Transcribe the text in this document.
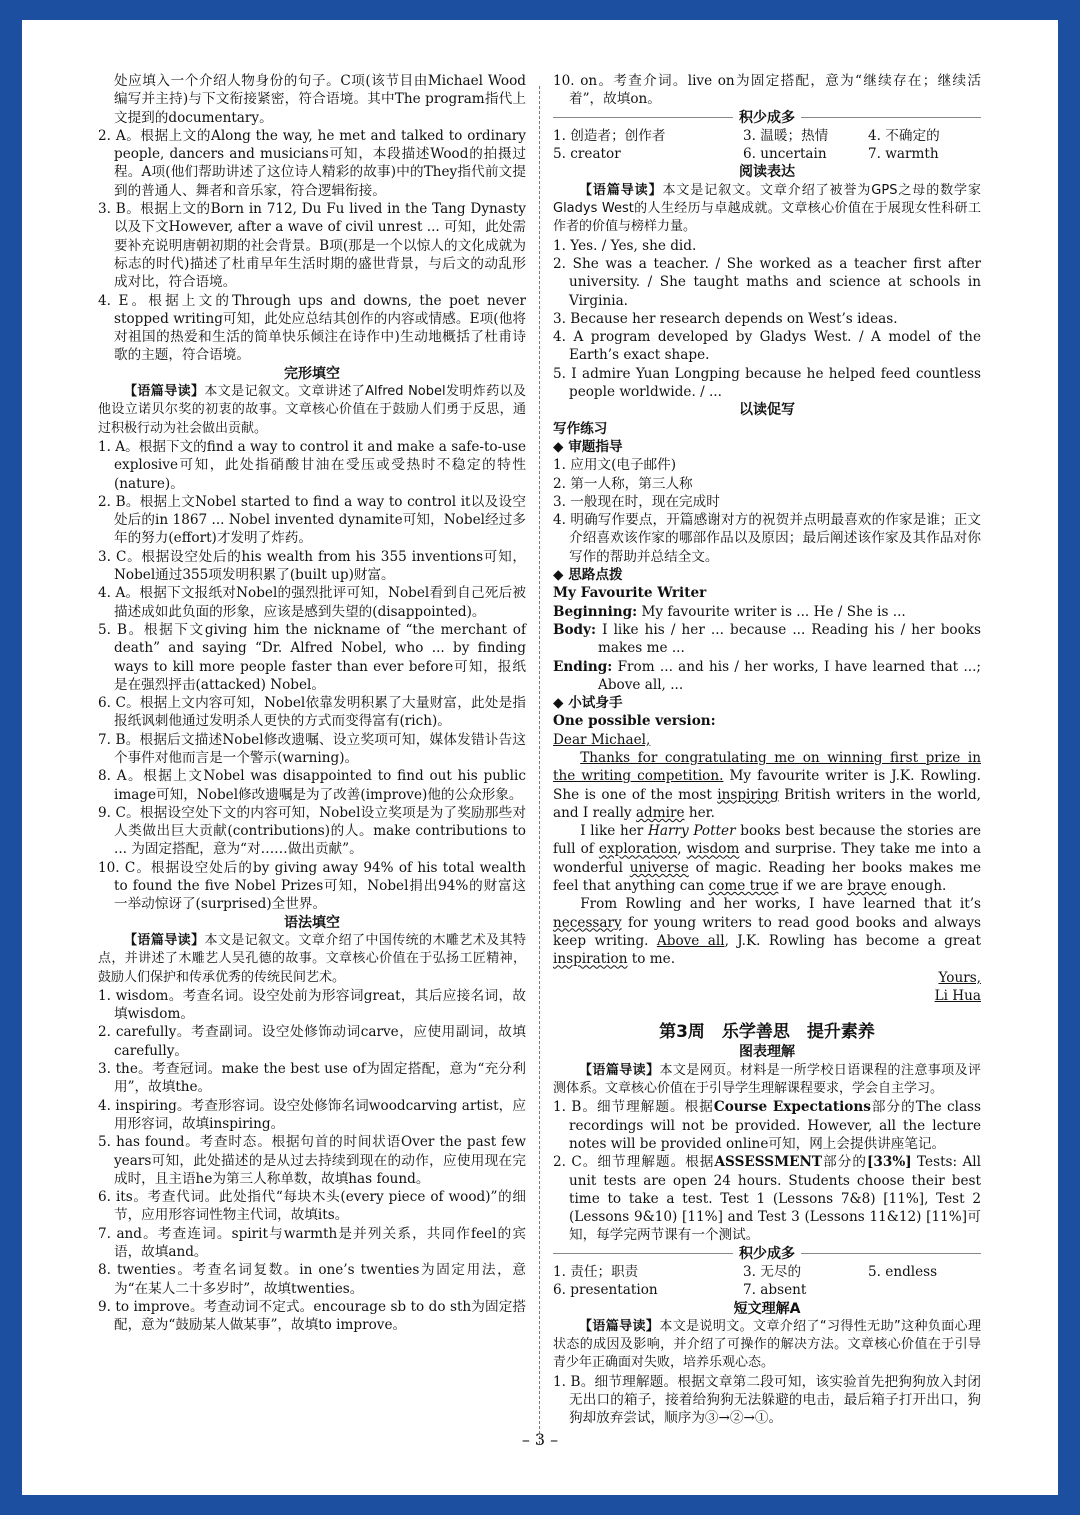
处应填入一个介绍人物身份的句子。C项(该节目由Michael Wood编写并主持)与下文衔接紧密，符合语境。其中The program指代上文提到的documentary。

2. A。根据上文的Along the way, he met and talked to ordinary people, dancers and musicians可知，本段描述Wood的拍摄过程。A项(他们帮助讲述了这位诗人精彩的故事)中的They指代前文提到的普通人、舞者和音乐家，符合逻辑衔接。

3. B。根据上文的Born in 712, Du Fu lived in the Tang Dynasty以及下文However, after a wave of civil unrest ... 可知，此处需要补充说明唐朝初期的社会背景。B项(那是一个以惊人的文化成就为标志的时代)描述了杜甫早年生活时期的盛世背景，与后文的动乱形成对比，符合语境。

4. E。根据上文的Through ups and downs, the poet never stopped writing可知，此处应总结其创作的内容或情感。E项(他将对祖国的热爱和生活的简单快乐倾注在诗作中)生动地概括了杜甫诗歌的主题，符合语境。

完形填空

【语篇导读】本文是记叙文。文章讲述了Alfred Nobel发明炸药以及他设立诺贝尔奖的初衷的故事。文章核心价值在于鼓励人们勇于反思，通过积极行动为社会做出贡献。

1. A。根据下文的find a way to control it and make a safe-to-use explosive可知，此处指硝酸甘油在受压或受热时不稳定的特性(nature)。

2. B。根据上文Nobel started to find a way to control it以及设空处后的in 1867 ... Nobel invented dynamite可知，Nobel经过多年的努力(effort)才发明了炸药。

3. C。根据设空处后的his wealth from his 355 inventions可知，Nobel通过355项发明积累了(built up)财富。

4. A。根据下文报纸对Nobel的强烈批评可知，Nobel看到自己死后被描述成如此负面的形象，应该是感到失望的(disappointed)。

5. B。根据下文giving him the nickname of “the merchant of death” and saying “Dr. Alfred Nobel, who ... by finding ways to kill more people faster than ever before可知，报纸是在强烈抨击(attacked) Nobel。

6. C。根据上文内容可知，Nobel依靠发明积累了大量财富，此处是指报纸讽刺他通过发明杀人更快的方式而变得富有(rich)。

7. B。根据后文描述Nobel修改遗嘱、设立奖项可知，媒体发错讣告这个事件对他而言是一个警示(warning)。

8. A。根据上文Nobel was disappointed to find out his public image可知，Nobel修改遗嘱是为了改善(improve)他的公众形象。

9. C。根据设空处下文的内容可知，Nobel设立奖项是为了奖励那些对人类做出巨大贡献(contributions)的人。make contributions to ... 为固定搭配，意为“对……做出贡献”。

10. C。根据设空处后的by giving away 94% of his total wealth to found the five Nobel Prizes可知，Nobel捐出94%的财富这一举动惊讶了(surprised)全世界。

语法填空

【语篇导读】本文是记叙文。文章介绍了中国传统的木雕艺术及其特点，并讲述了木雕艺人吴孔德的故事。文章核心价值在于弘扬工匠精神，鼓励人们保护和传承优秀的传统民间艺术。

1. wisdom。考查名词。设空处前为形容词great，其后应接名词，故填wisdom。

2. carefully。考查副词。设空处修饰动词carve，应使用副词，故填carefully。

3. the。考查冠词。make the best use of为固定搭配，意为“充分利用”，故填the。

4. inspiring。考查形容词。设空处修饰名词woodcarving artist，应用形容词，故填inspiring。

5. has found。考查时态。根据句首的时间状语Over the past few years可知，此处描述的是从过去持续到现在的动作，应使用现在完成时，且主语he为第三人称单数，故填has found。

6. its。考查代词。此处指代“每块木头(every piece of wood)”的细节，应用形容词性物主代词，故填its。

7. and。考查连词。spirit与warmth是并列关系，共同作feel的宾语，故填and。

8. twenties。考查名词复数。in one’s twenties为固定用法，意为“在某人二十多岁时”，故填twenties。

9. to improve。考查动词不定式。encourage sb to do sth为固定搭配，意为“鼓励某人做某事”，故填to improve。

10. on。考查介词。live on为固定搭配，意为“继续存在；继续活着”，故填on。

积少成多

1. 创造者；创作者	3. 温暖；热情	4. 不确定的
5. creator	6. uncertain	7. warmth

阅读表达

【语篇导读】本文是记叙文。文章介绍了被誉为GPS之母的数学家Gladys West的人生经历与卓越成就。文章核心价值在于展现女性科研工作者的价值与榜样力量。

1. Yes. / Yes, she did.

2. She was a teacher. / She worked as a teacher first after university. / She taught maths and science at schools in Virginia.

3. Because her research depends on West’s ideas.

4. A program developed by Gladys West. / A model of the Earth’s exact shape.

5. I admire Yuan Longping because he helped feed countless people worldwide. / ...

以读促写

写作练习

◆ 审题指导

1. 应用文(电子邮件)

2. 第一人称，第三人称

3. 一般现在时，现在完成时

4. 明确写作要点，开篇感谢对方的祝贺并点明最喜欢的作家是谁；正文介绍喜欢该作家的哪部作品以及原因；最后阐述该作家及其作品对你写作的帮助并总结全文。

◆ 思路点拨

My Favourite Writer

Beginning: My favourite writer is ... He / She is ...

Body: I like his / her ... because ... Reading his / her books makes me ...

Ending: From ... and his / her works, I have learned that ...; Above all, ...

◆ 小试身手

One possible version:

Dear Michael,

Thanks for congratulating me on winning first prize in the writing competition. My favourite writer is J.K. Rowling. She is one of the most inspiring British writers in the world, and I really admire her.

I like her Harry Potter books best because the stories are full of exploration, wisdom and surprise. They take me into a wonderful universe of magic. Reading her books makes me feel that anything can come true if we are brave enough.

From Rowling and her works, I have learned that it’s necessary for young writers to read good books and always keep writing. Above all, J.K. Rowling has become a great inspiration to me.

Yours,

Li Hua

第3周　乐学善思　提升素养

图表理解

【语篇导读】本文是网页。材料是一所学校日语课程的注意事项及评测体系。文章核心价值在于引导学生理解课程要求，学会自主学习。

1. B。细节理解题。根据Course Expectations部分的The class recordings will not be provided. However, all the lecture notes will be provided online可知，网上会提供讲座笔记。

2. C。细节理解题。根据ASSESSMENT部分的[33%] Tests: All unit tests are open 24 hours. Students choose their best time to take a test. Test 1 (Lessons 7&8) [11%], Test 2 (Lessons 9&10) [11%] and Test 3 (Lessons 11&12) [11%]可知，每学完两节课有一个测试。

积少成多

1. 责任；职责	3. 无尽的	5. endless
6. presentation	7. absent

短文理解A

【语篇导读】本文是说明文。文章介绍了“习得性无助”这种负面心理状态的成因及影响，并介绍了可操作的解决方法。文章核心价值在于引导青少年正确面对失败，培养乐观心态。

1. B。细节理解题。根据文章第二段可知，该实验首先把狗狗放入封闭无出口的箱子，接着给狗狗无法躲避的电击，最后箱子打开出口，狗狗却放弃尝试，顺序为③→②→①。

– 3 –
